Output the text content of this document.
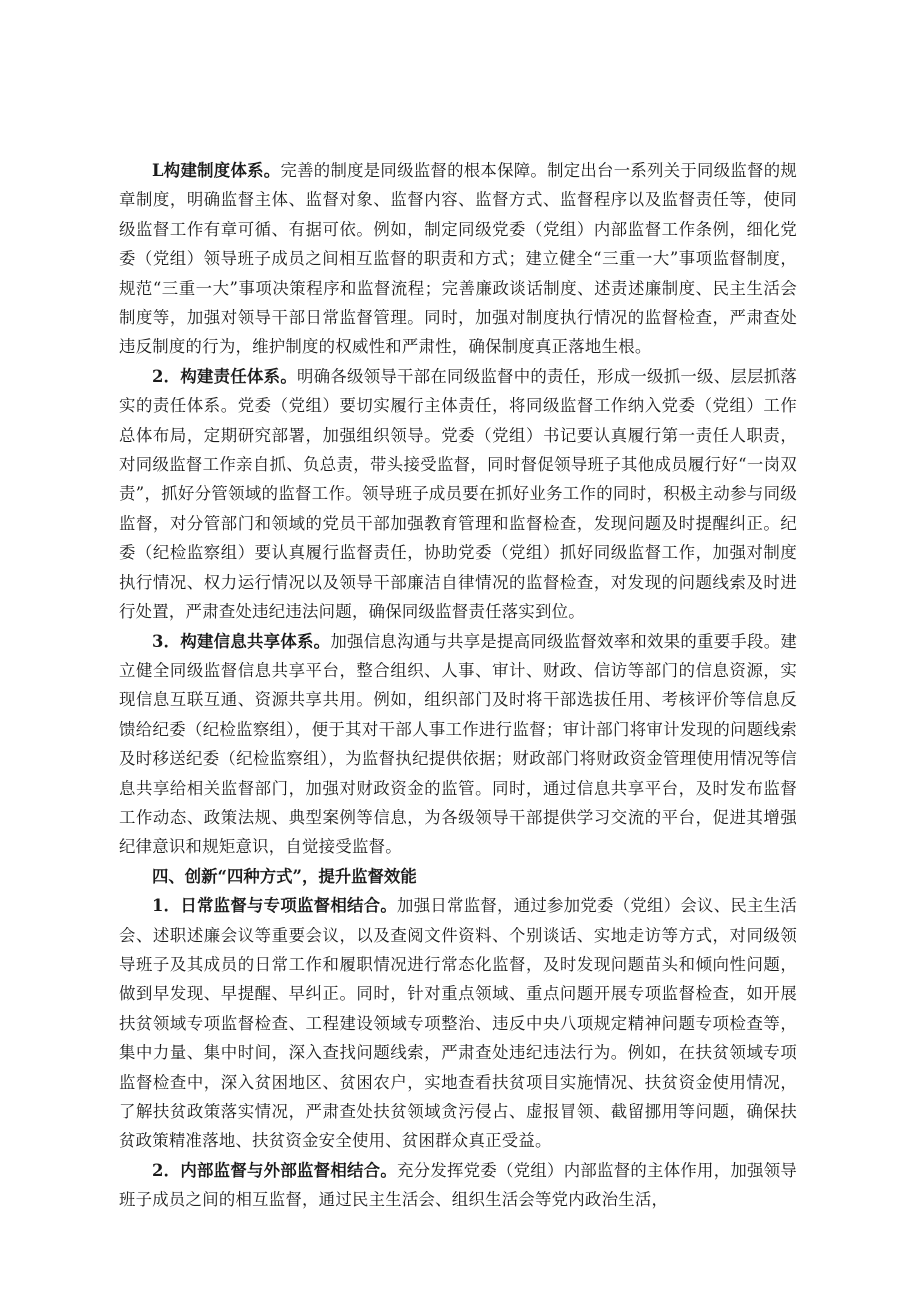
L构建制度体系。完善的制度是同级监督的根本保障。制定出台一系列关于同级监督的规章制度，明确监督主体、监督对象、监督内容、监督方式、监督程序以及监督责任等，使同级监督工作有章可循、有据可依。例如，制定同级党委（党组）内部监督工作条例，细化党委（党组）领导班子成员之间相互监督的职责和方式；建立健全“三重一大”事项监督制度，规范“三重一大”事项决策程序和监督流程；完善廉政谈话制度、述责述廉制度、民主生活会制度等，加强对领导干部日常监督管理。同时，加强对制度执行情况的监督检查，严肃查处违反制度的行为，维护制度的权威性和严肃性，确保制度真正落地生根。

2．构建责任体系。明确各级领导干部在同级监督中的责任，形成一级抓一级、层层抓落实的责任体系。党委（党组）要切实履行主体责任，将同级监督工作纳入党委（党组）工作总体布局，定期研究部署，加强组织领导。党委（党组）书记要认真履行第一责任人职责，对同级监督工作亲自抓、负总责，带头接受监督，同时督促领导班子其他成员履行好“一岗双责”，抓好分管领域的监督工作。领导班子成员要在抓好业务工作的同时，积极主动参与同级监督，对分管部门和领域的党员干部加强教育管理和监督检查，发现问题及时提醒纠正。纪委（纪检监察组）要认真履行监督责任，协助党委（党组）抓好同级监督工作，加强对制度执行情况、权力运行情况以及领导干部廉洁自律情况的监督检查，对发现的问题线索及时进行处置，严肃查处违纪违法问题，确保同级监督责任落实到位。

3．构建信息共享体系。加强信息沟通与共享是提高同级监督效率和效果的重要手段。建立健全同级监督信息共享平台，整合组织、人事、审计、财政、信访等部门的信息资源，实现信息互联互通、资源共享共用。例如，组织部门及时将干部选拔任用、考核评价等信息反馈给纪委（纪检监察组），便于其对干部人事工作进行监督；审计部门将审计发现的问题线索及时移送纪委（纪检监察组），为监督执纪提供依据；财政部门将财政资金管理使用情况等信息共享给相关监督部门，加强对财政资金的监管。同时，通过信息共享平台，及时发布监督工作动态、政策法规、典型案例等信息，为各级领导干部提供学习交流的平台，促进其增强纪律意识和规矩意识，自觉接受监督。

四、创新“四种方式”，提升监督效能

1．日常监督与专项监督相结合。加强日常监督，通过参加党委（党组）会议、民主生活会、述职述廉会议等重要会议，以及查阅文件资料、个别谈话、实地走访等方式，对同级领导班子及其成员的日常工作和履职情况进行常态化监督，及时发现问题苗头和倾向性问题，做到早发现、早提醒、早纠正。同时，针对重点领域、重点问题开展专项监督检查，如开展扶贫领域专项监督检查、工程建设领域专项整治、违反中央八项规定精神问题专项检查等，集中力量、集中时间，深入查找问题线索，严肃查处违纪违法行为。例如，在扶贫领域专项监督检查中，深入贫困地区、贫困农户，实地查看扶贫项目实施情况、扶贫资金使用情况，了解扶贫政策落实情况，严肃查处扶贫领域贪污侵占、虚报冒领、截留挪用等问题，确保扶贫政策精准落地、扶贫资金安全使用、贫困群众真正受益。

2．内部监督与外部监督相结合。充分发挥党委（党组）内部监督的主体作用，加强领导班子成员之间的相互监督，通过民主生活会、组织生活会等党内政治生活，
